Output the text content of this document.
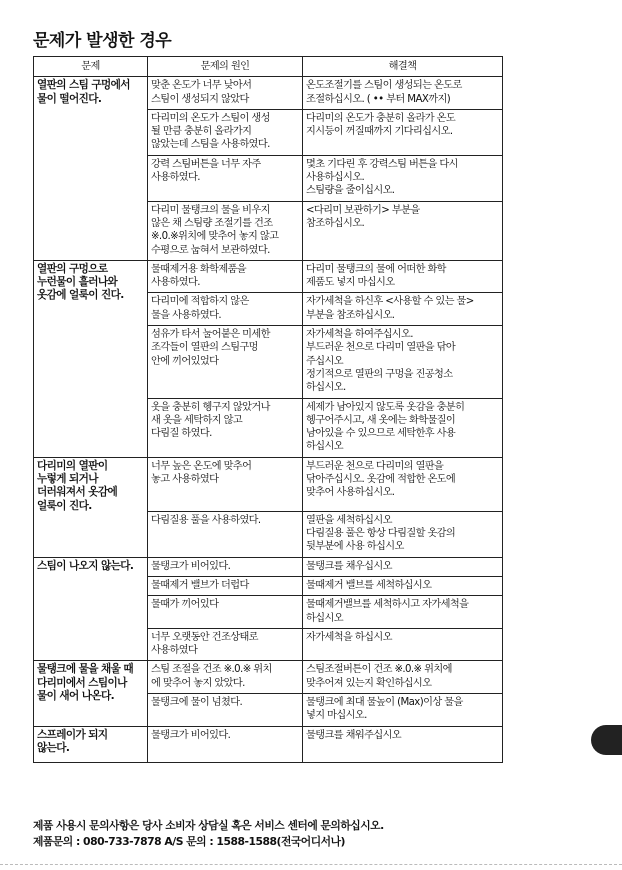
문제가 발생한 경우
문제	문제의 원인	해결책

열판의 스팀 구멍에서
물이 떨어진다.	맞춘 온도가 너무 낮아서
스팀이 생성되지 않았다	온도조절기를 스팀이 생성되는 온도로
조절하십시오. ( •• 부터 MAX까지)

	다리미의 온도가 스팀이 생성
될 만큼 충분히 올라가지
않았는데 스팀을 사용하였다.	다리미의 온도가 충분히 올라가 온도
지시등이 꺼질때까지 기다리십시오.

	강력 스팀버튼을 너무 자주
사용하였다.	몇초 기다린 후 강력스팀 버튼을 다시
사용하십시오.
스팀량을 줄이십시오.

	다리미 물탱크의 물을 비우지
않은 채 스팀량 조절기를 건조
※.0.※위치에 맞추어 놓지 않고
수평으로 눕혀서 보관하였다.	<다리미 보관하기> 부분을
참조하십시오.

열판의 구멍으로
누런물이 흘러나와
옷감에 얼룩이 진다.	물때제거용 화학제품을
사용하였다.	다리미 물탱크의 물에 어떠한 화학
제품도 넣지 마십시오

	다리미에 적합하지 않은
물을 사용하였다.	자가세척을 하신후 <사용할 수 있는 물>
부분을 참조하십시오.

	섬유가 타서 눌어붙은 미세한
조각들이 열판의 스팀구멍
안에 끼어있었다	자가세척을 하여주십시오.
부드러운 천으로 다리미 열판을 닦아
주십시오
정기적으로 열판의 구멍을 진공청소
하십시오.

	옷을 충분히 헹구지 않았거나
새 옷을 세탁하지 않고
다림질 하였다.	세제가 남아있지 않도록 옷감을 충분히
헹구어주시고, 새 옷에는 화학물질이
남아있을 수 있으므로 세탁한후 사용
하십시오

다리미의 열판이
누렇게 되거나
더러워져서 옷감에
얼룩이 진다.	너무 높은 온도에 맞추어
놓고 사용하였다	부드러운 천으로 다리미의 열판을
닦아주십시오. 옷감에 적합한 온도에
맞추어 사용하십시오.

	다림질용 풀을 사용하였다.	열판을 세척하십시오
다림질용 풀은 항상 다림질할 옷감의
뒷부분에 사용 하십시오

스팀이 나오지 않는다.	물탱크가 비어있다.	물탱크를 채우십시오

	물때제거 밸브가 더럽다	물때제거 밸브를 세척하십시오

	물때가 끼어있다	물때제거밸브를 세척하시고 자가세척을
하십시오

	너무 오랫동안 건조상태로
사용하였다	자가세척을 하십시오

물탱크에 물을 채울 때
다리미에서 스팀이나
물이 새어 나온다.	스팀 조절을 건조 ※.0.※ 위치
에 맞추어 놓지 았았다.	스팀조절버튼이 건조 ※.0.※ 위치에
맞추어져 있는지 확인하십시오

	물탱크에 물이 넘쳤다.	물탱크에 최대 물높이 (Max)이상 물을
넣지 마십시오.

스프레이가 되지
않는다.	물탱크가 비어있다.	물탱크를 채워주십시오
제품 사용시 문의사항은 당사 소비자 상담실 혹은 서비스 센터에 문의하십시오.
제품문의 : 080-733-7878 A/S 문의 : 1588-1588(전국어디서나)
